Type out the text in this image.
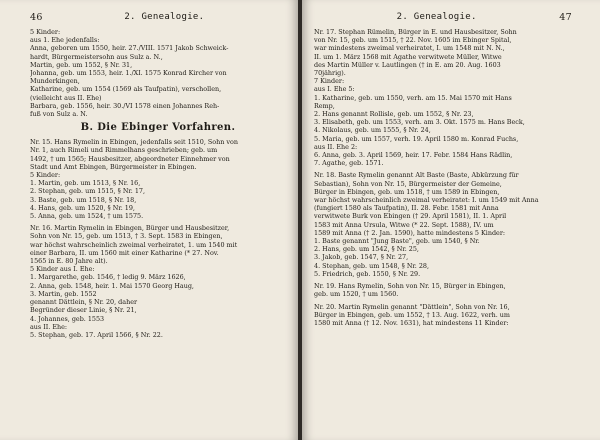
46	2. Genealogie.
5 Kinder:
aus 1. Ehe jedenfalls:
Anna, geboren um 1550, heir. 27./VIII. 1571 Jakob Schweick-
hardt, Bürgermeistersohn aus Sulz a. N.,
Martin, geb. um 1552, § Nr. 31,
Johanna, geb. um 1553, heir. 1./XI. 1575 Konrad Kircher von
Munderkingen,
Katharine, geb. um 1554 (1569 als Taufpatin), verschollen,
(vielleicht aus II. Ehe)
Barbara, geb. 1556, heir. 30./VI 1578 einen Johannes Reh-
fuß von Sulz a. N.
B. Die Ebinger Vorfahren.
Nr. 15. Hans Rymelin in Ebingen, jedenfalls seit 1510, Sohn von
Nr. 1, auch Rimeli und Rimmelhans geschrieben; geb. um
1492, † um 1565; Hausbesitzer, abgeordneter Einnehmer von
Stadt und Amt Ebingen, Bürgermeister in Ebingen.
5 Kinder:
1. Martin, geb. um 1513, § Nr. 16,
2. Stephan, geb. um 1515, § Nr. 17,
3. Baste, geb. um 1518, § Nr. 18,
4. Hans, geb. um 1520, § Nr. 19,
5. Anna, geb. um 1524, † um 1575.
Nr. 16. Martin Rymelin in Ebingen, Bürger und Hausbesitzer,
Sohn von Nr. 15, geb. um 1513, † 3. Sept. 1583 in Ebingen,
war höchst wahrscheinlich zweimal verheiratet, 1. um 1540 mit
einer Barbara, II. um 1560 mit einer Katharine (* 27. Nov.
1565 in E. 80 Jahre alt).
5 Kinder aus I. Ehe:
1. Margarethe, geb. 1546, † ledig 9. März 1626,
2. Anna, geb. 1548, heir. 1. Mai 1570 Georg Haug,
3. Martin, geb. 1552
genannt Dättlein, § Nr. 20, daher
Begründer dieser Linie, § Nr. 21,
4. Johannes, geb. 1553
aus II. Ehe:
5. Stephan, geb. 17. April 1566, § Nr. 22.
2. Genealogie.	47
Nr. 17. Stephan Rümelin, Bürger in E. und Hausbesitzer, Sohn
von Nr. 15, geb. um 1515, † 22. Nov. 1605 im Ebinger Spital,
war mindestens zweimal verheiratet, I. um 1548 mit N. N.,
II. um 1. März 1568 mit Agathe verwitwete Müller, Witwe
des Martin Müller v. Lautlingen († in E. am 20. Aug. 1603
70jährig).
7 Kinder:
aus I. Ehe 5:
1. Katharine, geb. um 1550, verh. am 15. Mai 1570 mit Hans
Remp,
2. Hans genannt Rollisle, geb. um 1552, § Nr. 23,
3. Elisabeth, geb. um 1553, verh. am 3. Okt. 1575 m. Hans Beck,
4. Nikolaus, geb. um 1555, § Nr. 24,
5. Maria, geb. um 1557, verh. 19. April 1580 m. Konrad Fuchs,
aus II. Ehe 2:
6. Anna, geb. 3. April 1569, heir. 17. Febr. 1584 Hans Rädlin,
7. Agathe, geb. 1571.
Nr. 18. Baste Rymelin genannt Alt Baste (Baste, Abkürzung für
Sebastian), Sohn von Nr. 15, Bürgermeister der Gemeine,
Bürger in Ebingen, geb. um 1518, † um 1589 in Ebingen,
war höchst wahrscheinlich zweimal verheiratet: I. um 1549 mit Anna
(fungiert 1580 als Taufpatin), II. 28. Febr. 1581 mit Anna
verwitwete Burk von Ebingen († 29. April 1581), II. 1. April
1583 mit Anna Ursula, Witwe (* 22. Sept. 1588), IV. um
1589 mit Anna († 2. Jan. 1590), hatte mindestens 5 Kinder:
1. Baste genannt "Jung Baste", geb. um 1540, § Nr.
2. Hans, geb. um 1542, § Nr. 25,
3. Jakob, geb. 1547, § Nr. 27,
4. Stephan, geb. um 1548, § Nr. 28,
5. Friedrich, geb. 1550, § Nr. 29.
Nr. 19. Hans Rymelin, Sohn von Nr. 15, Bürger in Ebingen,
geb. um 1520, † um 1560.
Nr. 20. Martin Rymelin genannt "Dättlein", Sohn von Nr. 16,
Bürger in Ebingen, geb. um 1552, † 13. Aug. 1622, verh. um
1580 mit Anna († 12. Nov. 1631), hat mindestens 11 Kinder:
